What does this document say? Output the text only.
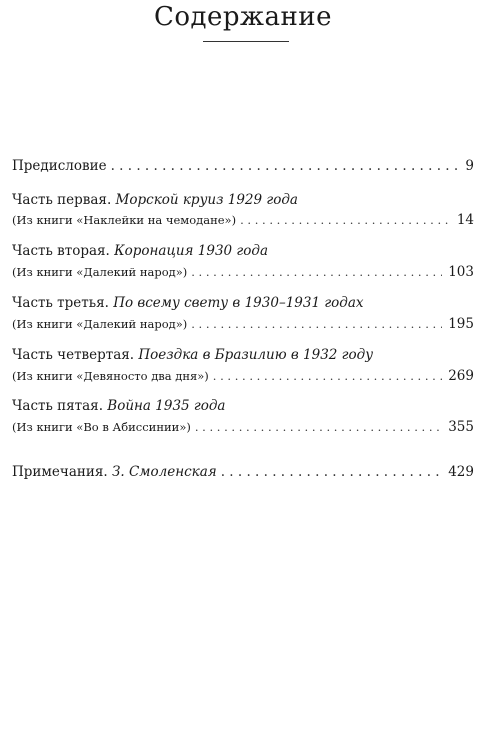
Содержание
Предисловие . . .	9
Часть первая. Морской круиз 1929 года
(Из книги «Наклейки на чемодане») . . .	14
Часть вторая. Коронация 1930 года
(Из книги «Далекий народ») . . .	103
Часть третья. По всему свету в 1930–1931 годах
(Из книги «Далекий народ») . . .	195
Часть четвертая. Поездка в Бразилию в 1932 году
(Из книги «Девяносто два дня») . . .	269
Часть пятая. Война 1935 года
(Из книги «Во в Абиссинии») . . .	355
Примечания. З. Смоленская . . .	429
